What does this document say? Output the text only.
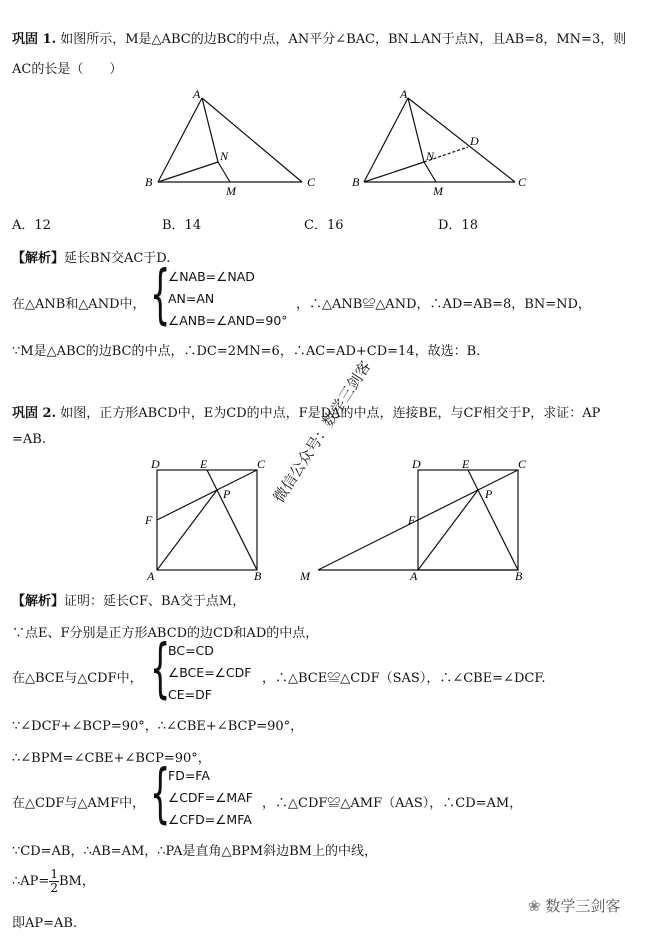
巩固 1. 如图所示，M是△ABC的边BC的中点，AN平分∠BAC，BN⊥AN于点N，且AB=8，MN=3，则
AC的长是（　　）
A
B	C
M
N
A
B	C
M
N
D
A．12	B．14	C．16	D．18
【解析】延长BN交AC于D.
在△ANB和△AND中， {
∠NAB=∠NAD
AN=AN
∠ANB=∠AND=90°
，∴△ANB≌△AND，∴AD=AB=8，BN=ND，
∵M是△ABC的边BC的中点，∴DC=2MN=6，∴AC=AD+CD=14，故选：B.
巩固 2. 如图，正方形ABCD中，E为CD的中点，F是DA的中点，连接BE，与CF相交于P，求证：AP
=AB.
D	E	C
P
F
A	B
D	E	C
P
F
M	A	B
微信公众号：数学三剑客
【解析】证明：延长CF、BA交于点M，
∵点E、F分别是正方形ABCD的边CD和AD的中点，
在△BCE与△CDF中， {
BC=CD
∠BCE=∠CDF
CE=DF
，∴△BCE≌△CDF（SAS），∴∠CBE=∠DCF.
∵∠DCF+∠BCP=90°，∴∠CBE+∠BCP=90°，
∴∠BPM=∠CBE+∠BCP=90°，
在△CDF与△AMF中， {
FD=FA
∠CDF=∠MAF
∠CFD=∠MFA
，∴△CDF≌△AMF（AAS），∴CD=AM，
∵CD=AB，∴AB=AM，∴PA是直角△BPM斜边BM上的中线，
∴AP= $\frac{1}{2}$ BM，
即AP=AB.
❀ 数学三剑客
